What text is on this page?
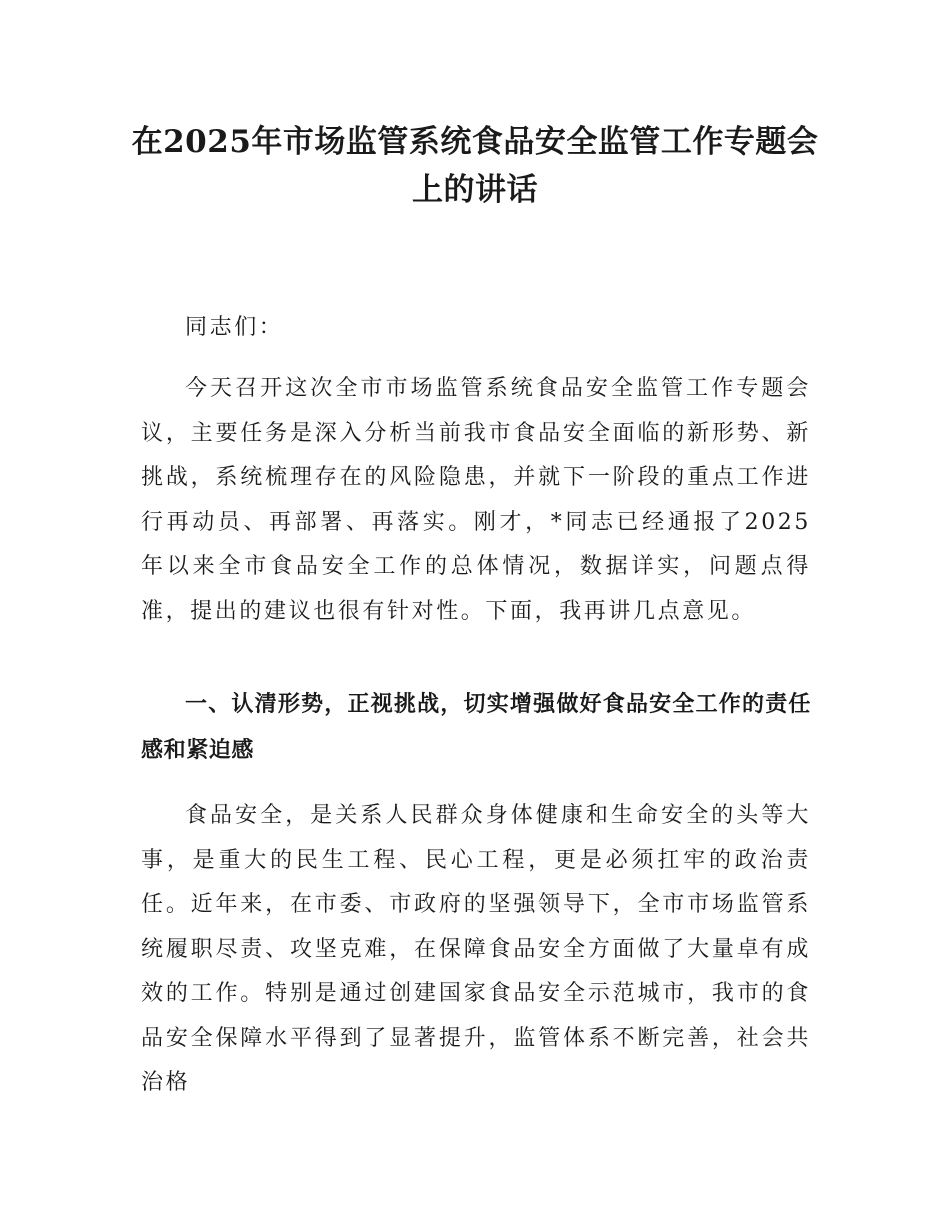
在2025年市场监管系统食品安全监管工作专题会上的讲话

同志们：

今天召开这次全市市场监管系统食品安全监管工作专题会议，主要任务是深入分析当前我市食品安全面临的新形势、新挑战，系统梳理存在的风险隐患，并就下一阶段的重点工作进行再动员、再部署、再落实。刚才，*同志已经通报了2025年以来全市食品安全工作的总体情况，数据详实，问题点得准，提出的建议也很有针对性。下面，我再讲几点意见。

一、认清形势，正视挑战，切实增强做好食品安全工作的责任感和紧迫感

食品安全，是关系人民群众身体健康和生命安全的头等大事，是重大的民生工程、民心工程，更是必须扛牢的政治责任。近年来，在市委、市政府的坚强领导下，全市市场监管系统履职尽责、攻坚克难，在保障食品安全方面做了大量卓有成效的工作。特别是通过创建国家食品安全示范城市，我市的食品安全保障水平得到了显著提升，监管体系不断完善，社会共治格
